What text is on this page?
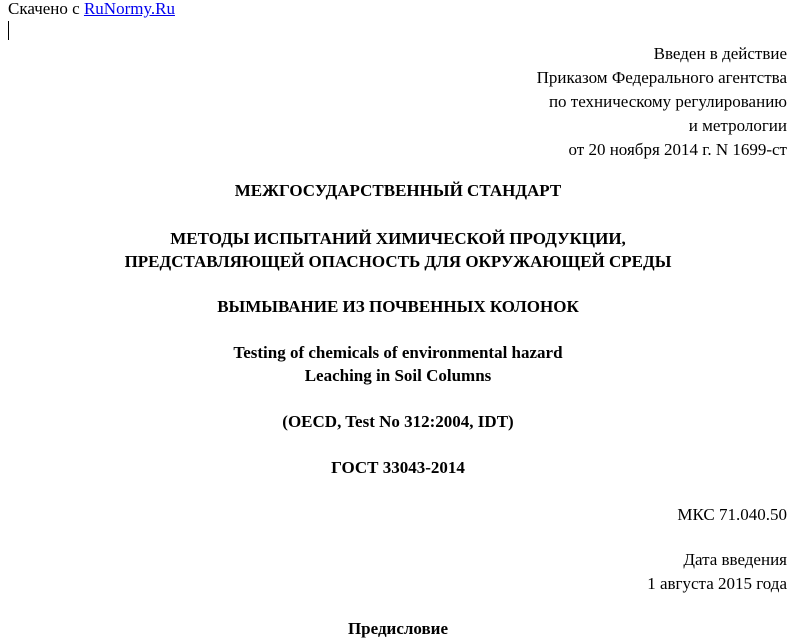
Скачено с RuNormy.Ru
Введен в действие
Приказом Федерального агентства
по техническому регулированию
и метрологии
от 20 ноября 2014 г. N 1699-ст
МЕЖГОСУДАРСТВЕННЫЙ СТАНДАРТ
МЕТОДЫ ИСПЫТАНИЙ ХИМИЧЕСКОЙ ПРОДУКЦИИ,
ПРЕДСТАВЛЯЮЩЕЙ ОПАСНОСТЬ ДЛЯ ОКРУЖАЮЩЕЙ СРЕДЫ
ВЫМЫВАНИЕ ИЗ ПОЧВЕННЫХ КОЛОНОК
Testing of chemicals of environmental hazard
Leaching in Soil Columns
(OECD, Test No 312:2004, IDT)
ГОСТ 33043-2014
МКС 71.040.50
Дата введения
1 августа 2015 года
Предисловие
